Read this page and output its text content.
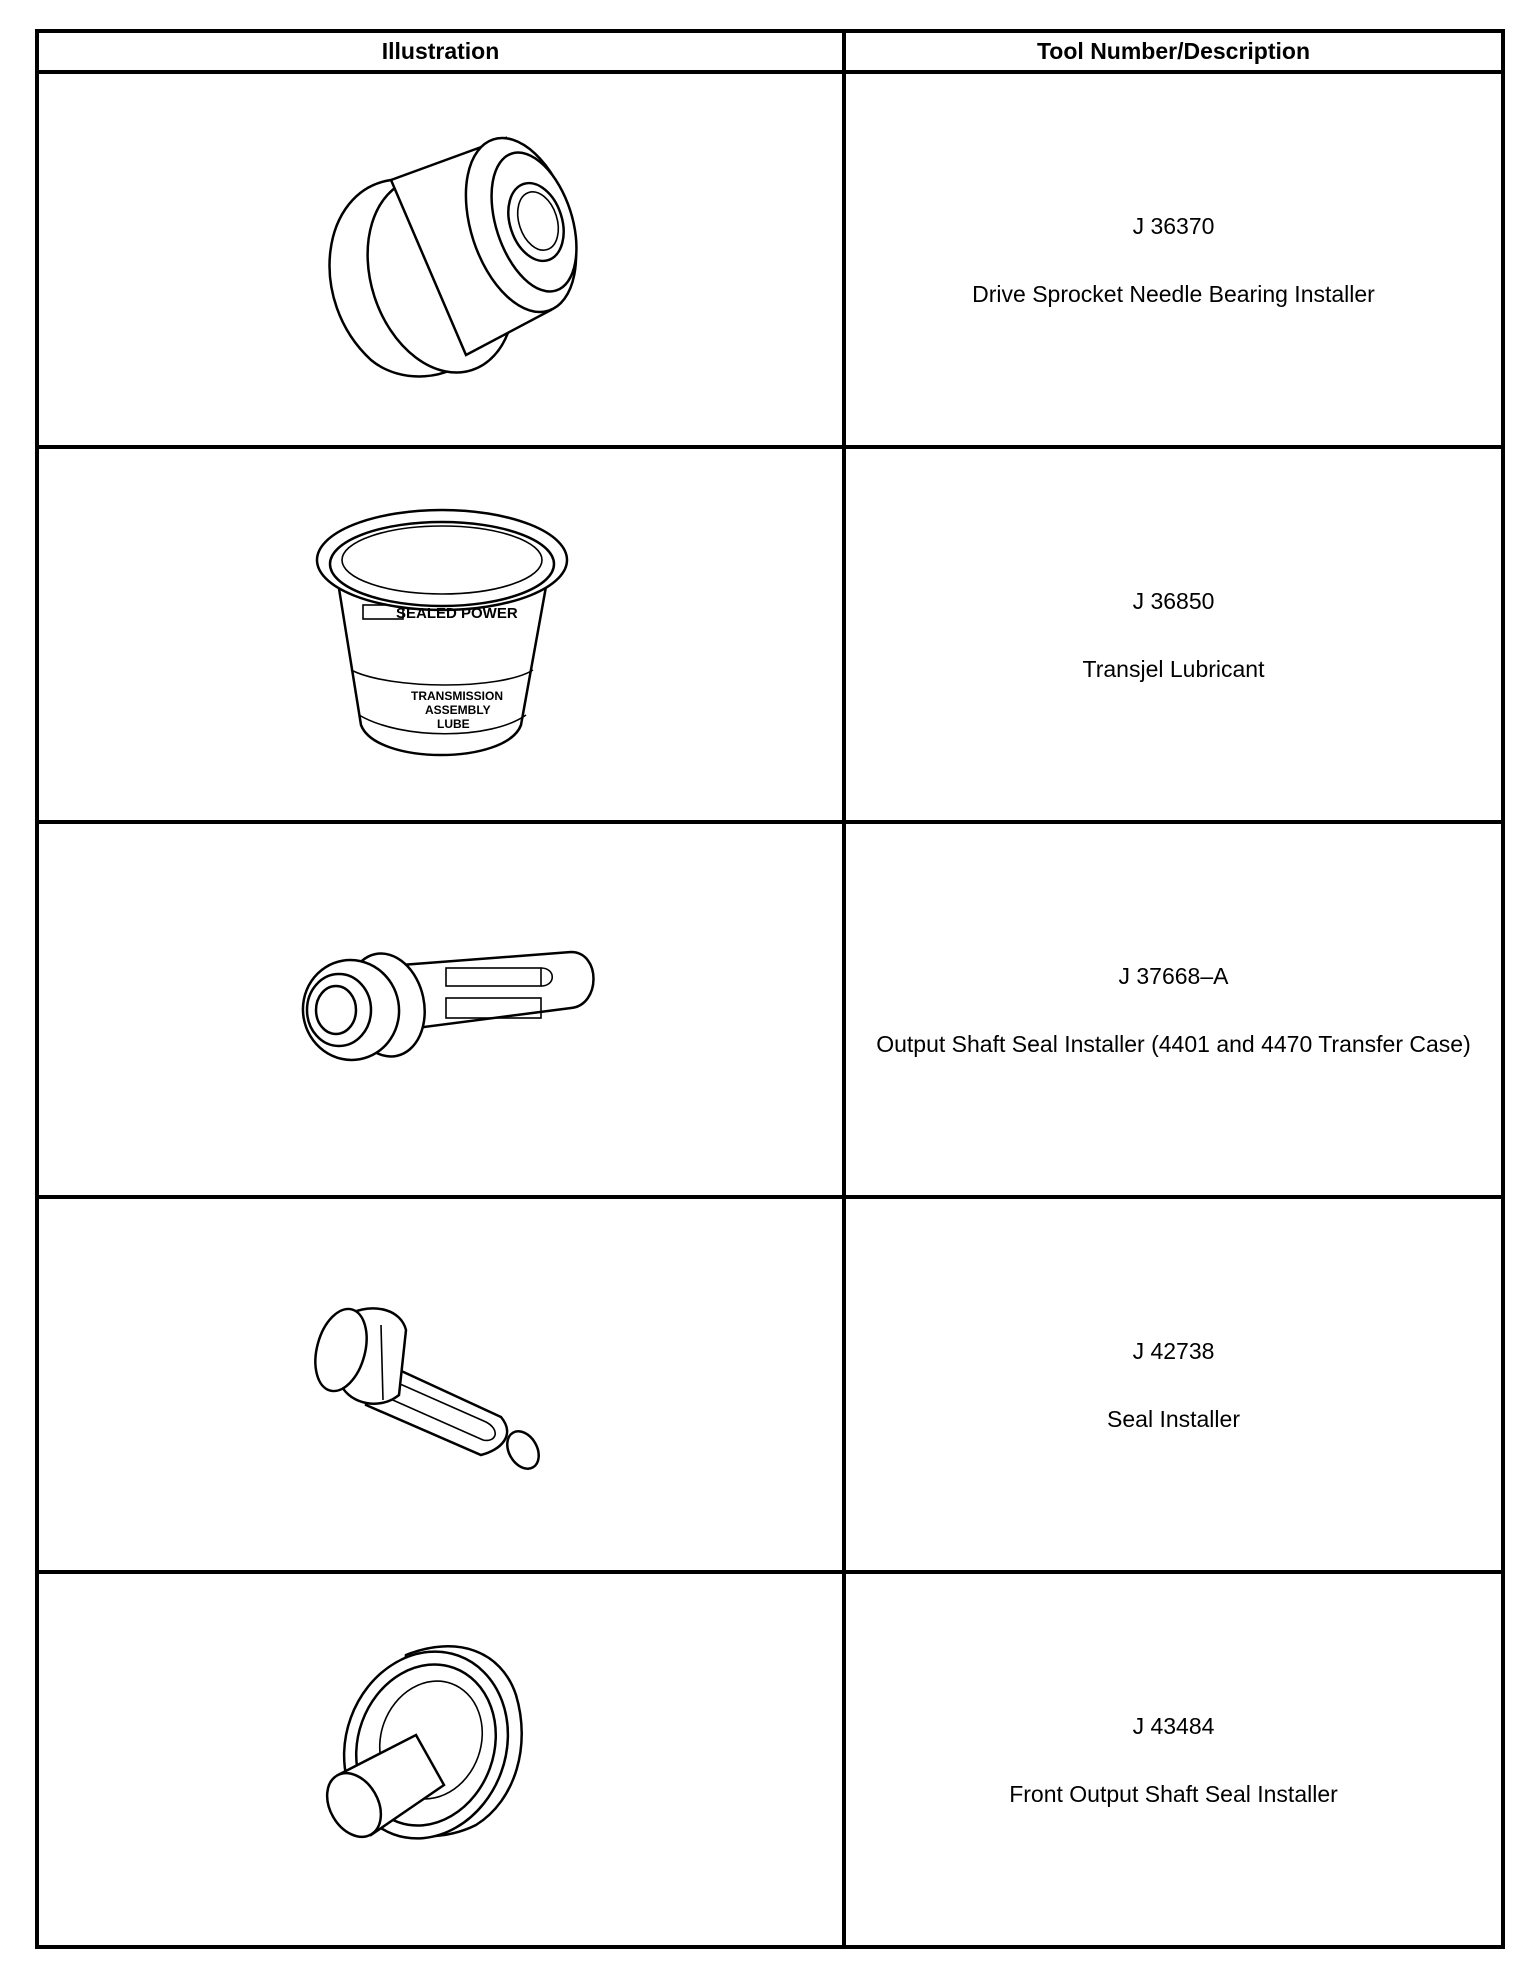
Illustration	Tool Number/Description

J 36370
Drive Sprocket Needle Bearing Installer

SEALED POWER
TRANSMISSION
ASSEMBLY
LUBE	J 36850
Transjel Lubricant

J 37668–A
Output Shaft Seal Installer (4401 and 4470 Transfer Case)

J 42738
Seal Installer

J 43484
Front Output Shaft Seal Installer
